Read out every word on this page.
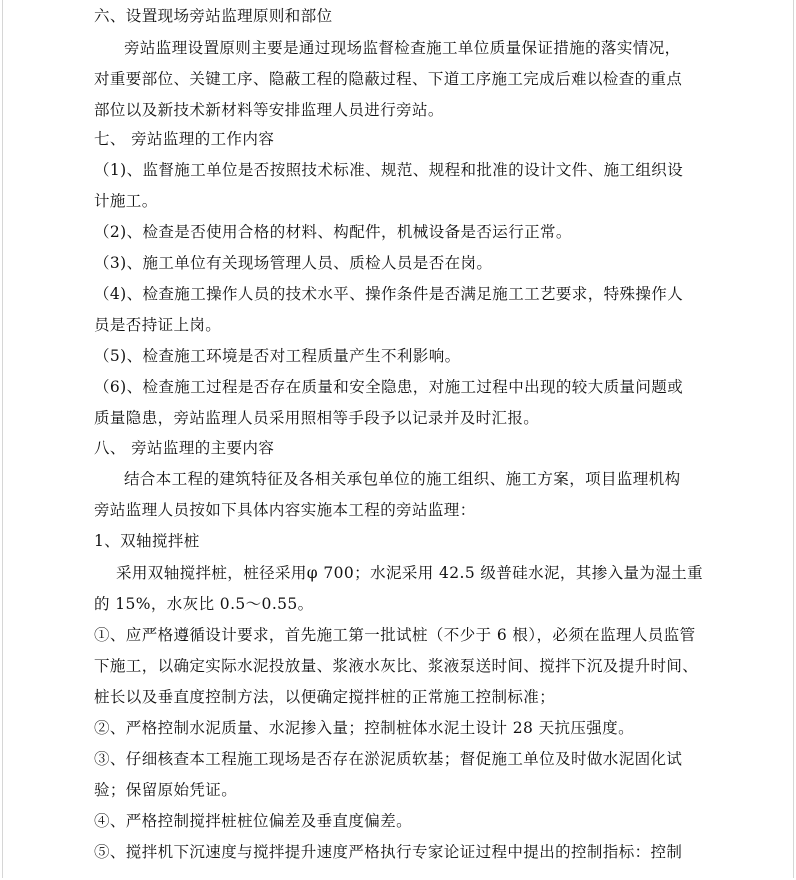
六、设置现场旁站监理原则和部位
旁站监理设置原则主要是通过现场监督检查施工单位质量保证措施的落实情况，
对重要部位、关键工序、隐蔽工程的隐蔽过程、下道工序施工完成后难以检查的重点
部位以及新技术新材料等安排监理人员进行旁站。
七、 旁站监理的工作内容
（1)、监督施工单位是否按照技术标准、规范、规程和批准的设计文件、施工组织设
计施工。
（2)、检查是否使用合格的材料、构配件，机械设备是否运行正常。
（3)、施工单位有关现场管理人员、质检人员是否在岗。
（4)、检查施工操作人员的技术水平、操作条件是否满足施工工艺要求，特殊操作人
员是否持证上岗。
（5)、检查施工环境是否对工程质量产生不利影响。
（6)、检查施工过程是否存在质量和安全隐患，对施工过程中出现的较大质量问题或
质量隐患，旁站监理人员采用照相等手段予以记录并及时汇报。
八、 旁站监理的主要内容
结合本工程的建筑特征及各相关承包单位的施工组织、施工方案，项目监理机构
旁站监理人员按如下具体内容实施本工程的旁站监理：
1、双轴搅拌桩
采用双轴搅拌桩，桩径采用φ 700；水泥采用 42.5 级普硅水泥，其掺入量为湿土重
的 15%，水灰比 0.5～0.55。
①、应严格遵循设计要求，首先施工第一批试桩（不少于 6 根），必须在监理人员监管
下施工，以确定实际水泥投放量、浆液水灰比、浆液泵送时间、搅拌下沉及提升时间、
桩长以及垂直度控制方法，以便确定搅拌桩的正常施工控制标准；
②、严格控制水泥质量、水泥掺入量；控制桩体水泥土设计 28 天抗压强度。
③、仔细核查本工程施工现场是否存在淤泥质软基；督促施工单位及时做水泥固化试
验；保留原始凭证。
④、严格控制搅拌桩桩位偏差及垂直度偏差。
⑤、搅拌机下沉速度与搅拌提升速度严格执行专家论证过程中提出的控制指标：控制
